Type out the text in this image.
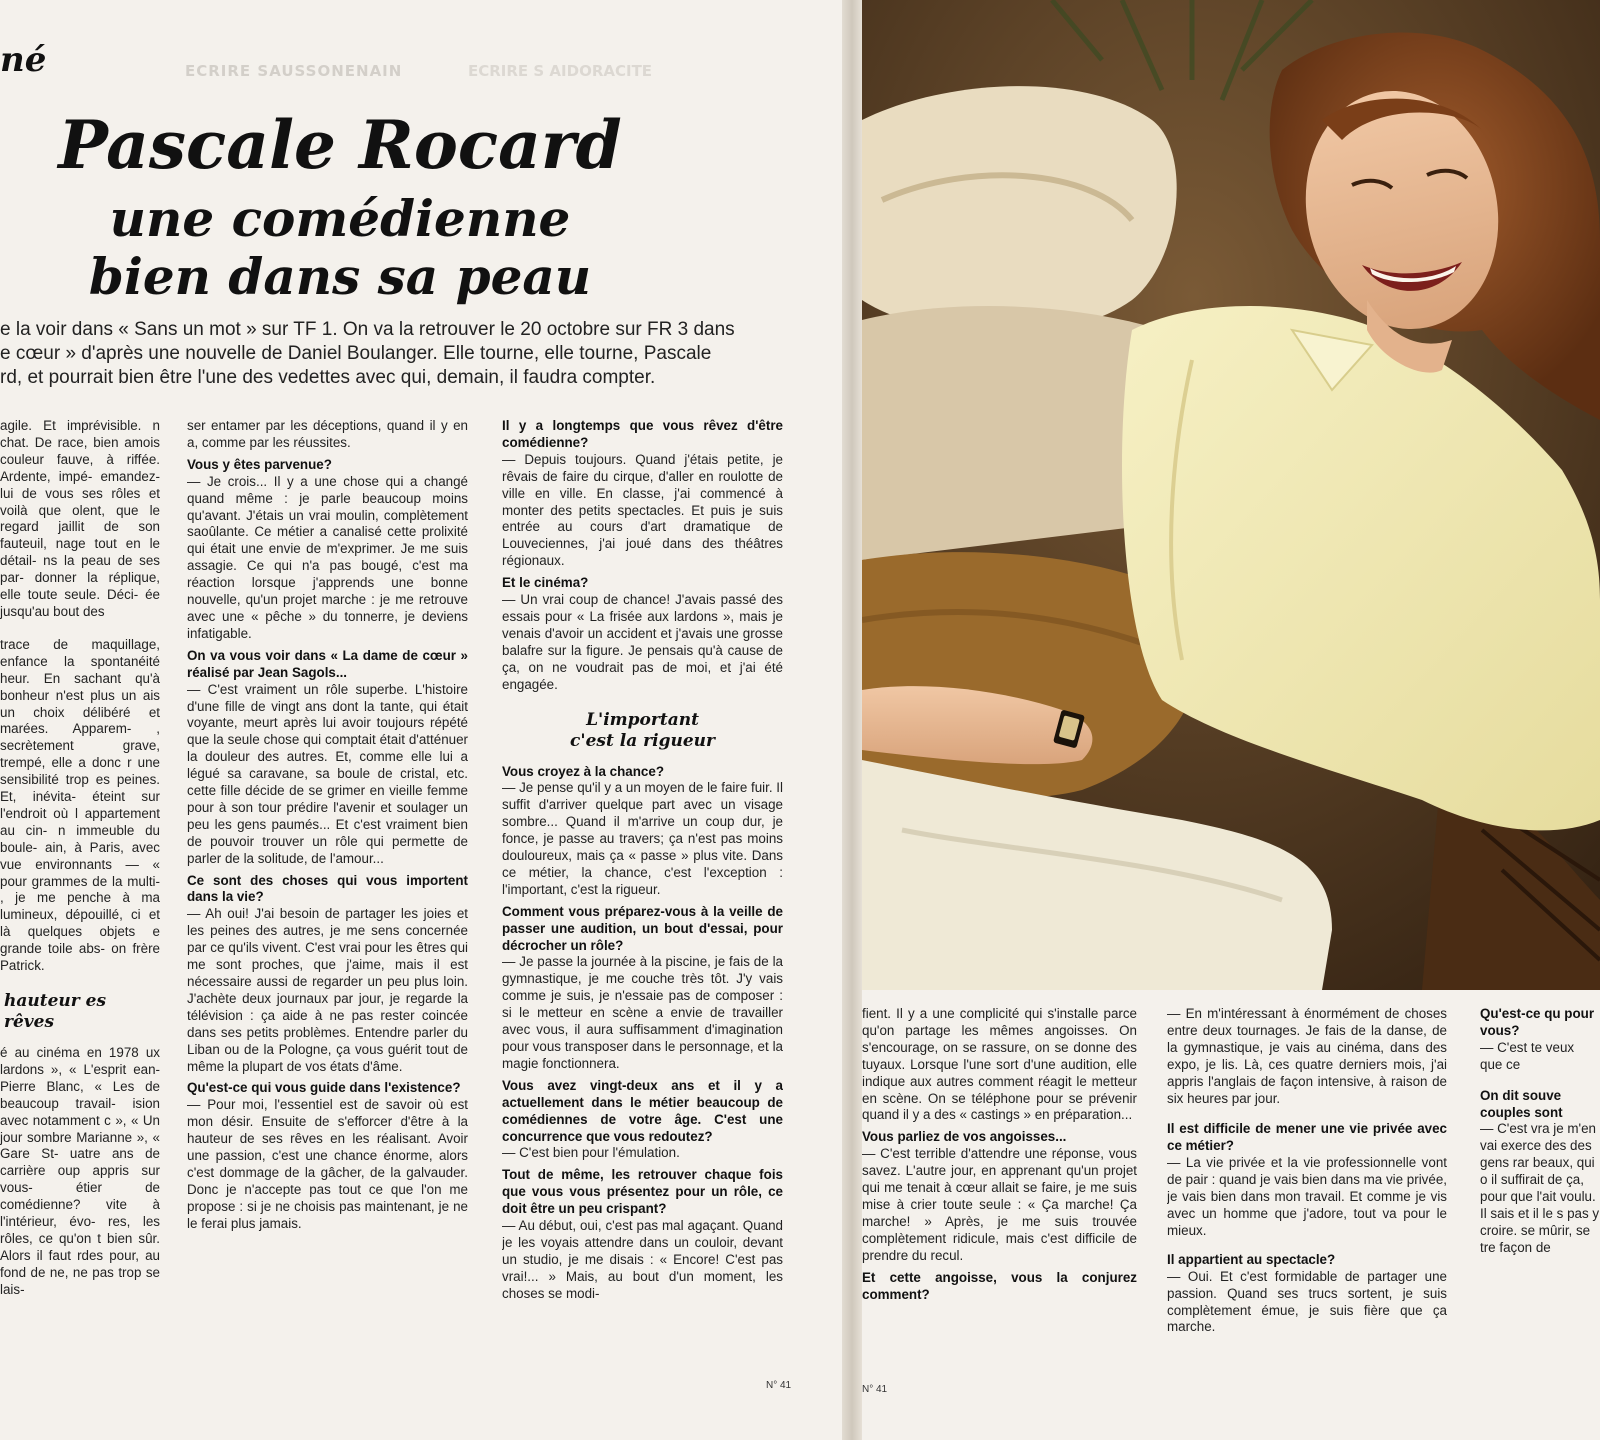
ECRIRE SAUSSONENAIN	ECRIRE S AIDORACITE
né
Pascale Rocard
une comédienne
bien dans sa peau
e la voir dans « Sans un mot » sur TF 1. On va la retrouver le 20 octobre sur FR 3 dans
e cœur » d'après une nouvelle de Daniel Boulanger. Elle tourne, elle tourne, Pascale
rd, et pourrait bien être l'une des vedettes avec qui, demain, il faudra compter.

agile. Et imprévisible. n chat. De race, bien amois couleur fauve, à riffée. Ardente, impé- emandez-lui de vous ses rôles et voilà que olent, que le regard jaillit de son fauteuil, nage tout en le détail- ns la peau de ses par- donner la réplique, elle toute seule. Déci- ée jusqu'au bout des

trace de maquillage, enfance la spontanéité heur. En sachant qu'à bonheur n'est plus un ais un choix délibéré et marées. Apparem- , secrètement grave, trempé, elle a donc r une sensibilité trop es peines. Et, inévita- éteint sur l'endroit où l appartement au cin- n immeuble du boule- ain, à Paris, avec vue environnants — « pour grammes de la multi- , je me penche à ma lumineux, dépouillé, ci et là quelques objets e grande toile abs- on frère Patrick.

hauteur es rêves

é au cinéma en 1978 ux lardons », « L'esprit ean-Pierre Blanc, « Les de beaucoup travail- ision avec notamment c », « Un jour sombre Marianne », « Gare St- uatre ans de carrière oup appris sur vous- étier de comédienne? vite à l'intérieur, évo- res, les rôles, ce qu'on t bien sûr. Alors il faut rdes pour, au fond de ne, ne pas trop se lais-

ser entamer par les déceptions, quand il y en a, comme par les réussites.

Vous y êtes parvenue?

— Je crois... Il y a une chose qui a changé quand même : je parle beaucoup moins qu'avant. J'étais un vrai moulin, complètement saoûlante. Ce métier a canalisé cette prolixité qui était une envie de m'exprimer. Je me suis assagie. Ce qui n'a pas bougé, c'est ma réaction lorsque j'apprends une bonne nouvelle, qu'un projet marche : je me retrouve avec une « pêche » du tonnerre, je deviens infatigable.

On va vous voir dans « La dame de cœur » réalisé par Jean Sagols...

— C'est vraiment un rôle superbe. L'histoire d'une fille de vingt ans dont la tante, qui était voyante, meurt après lui avoir toujours répété que la seule chose qui comptait était d'atténuer la douleur des autres. Et, comme elle lui a légué sa caravane, sa boule de cristal, etc. cette fille décide de se grimer en vieille femme pour à son tour prédire l'avenir et soulager un peu les gens paumés... Et c'est vraiment bien de pouvoir trouver un rôle qui permette de parler de la solitude, de l'amour...

Ce sont des choses qui vous importent dans la vie?

— Ah oui! J'ai besoin de partager les joies et les peines des autres, je me sens concernée par ce qu'ils vivent. C'est vrai pour les êtres qui me sont proches, que j'aime, mais il est nécessaire aussi de regarder un peu plus loin. J'achète deux journaux par jour, je regarde la télévision : ça aide à ne pas rester coincée dans ses petits problèmes. Entendre parler du Liban ou de la Pologne, ça vous guérit tout de même la plupart de vos états d'âme.

Qu'est-ce qui vous guide dans l'existence?

— Pour moi, l'essentiel est de savoir où est mon désir. Ensuite de s'efforcer d'être à la hauteur de ses rêves en les réalisant. Avoir une passion, c'est une chance énorme, alors c'est dommage de la gâcher, de la galvauder. Donc je n'accepte pas tout ce que l'on me propose : si je ne choisis pas maintenant, je ne le ferai plus jamais.

Il y a longtemps que vous rêvez d'être comédienne?

— Depuis toujours. Quand j'étais petite, je rêvais de faire du cirque, d'aller en roulotte de ville en ville. En classe, j'ai commencé à monter des petits spectacles. Et puis je suis entrée au cours d'art dramatique de Louveciennes, j'ai joué dans des théâtres régionaux.

Et le cinéma?

— Un vrai coup de chance! J'avais passé des essais pour « La frisée aux lardons », mais je venais d'avoir un accident et j'avais une grosse balafre sur la figure. Je pensais qu'à cause de ça, on ne voudrait pas de moi, et j'ai été engagée.

L'important
c'est la rigueur

Vous croyez à la chance?

— Je pense qu'il y a un moyen de le faire fuir. Il suffit d'arriver quelque part avec un visage sombre... Quand il m'arrive un coup dur, je fonce, je passe au travers; ça n'est pas moins douloureux, mais ça « passe » plus vite. Dans ce métier, la chance, c'est l'exception : l'important, c'est la rigueur.

Comment vous préparez-vous à la veille de passer une audition, un bout d'essai, pour décrocher un rôle?

— Je passe la journée à la piscine, je fais de la gymnastique, je me couche très tôt. J'y vais comme je suis, je n'essaie pas de composer : si le metteur en scène a envie de travailler avec vous, il aura suffisamment d'imagination pour vous transposer dans le personnage, et la magie fonctionnera.

Vous avez vingt-deux ans et il y a actuellement dans le métier beaucoup de comédiennes de votre âge. C'est une concurrence que vous redoutez?

— C'est bien pour l'émulation.

Tout de même, les retrouver chaque fois que vous vous présentez pour un rôle, ce doit être un peu crispant?

— Au début, oui, c'est pas mal agaçant. Quand je les voyais attendre dans un couloir, devant un studio, je me disais : « Encore! C'est pas vrai!... » Mais, au bout d'un moment, les choses se modi-

N° 41

fient. Il y a une complicité qui s'installe parce qu'on partage les mêmes angoisses. On s'encourage, on se rassure, on se donne des tuyaux. Lorsque l'une sort d'une audition, elle indique aux autres comment réagit le metteur en scène. On se téléphone pour se prévenir quand il y a des « castings » en préparation...

Vous parliez de vos angoisses...

— C'est terrible d'attendre une réponse, vous savez. L'autre jour, en apprenant qu'un projet qui me tenait à cœur allait se faire, je me suis mise à crier toute seule : « Ça marche! Ça marche! » Après, je me suis trouvée complètement ridicule, mais c'est difficile de prendre du recul.

Et cette angoisse, vous la conjurez comment?

— En m'intéressant à énormément de choses entre deux tournages. Je fais de la danse, de la gymnastique, je vais au cinéma, dans des expo, je lis. Là, ces quatre derniers mois, j'ai appris l'anglais de façon intensive, à raison de six heures par jour.

Il est difficile de mener une vie privée avec ce métier?

— La vie privée et la vie professionnelle vont de pair : quand je vais bien dans ma vie privée, je vais bien dans mon travail. Et comme je vis avec un homme que j'adore, tout va pour le mieux.

Il appartient au spectacle?

— Oui. Et c'est formidable de partager une passion. Quand ses trucs sortent, je suis complètement émue, je suis fière que ça marche.

Qu'est-ce qu pour vous?

— C'est te veux que ce

On dit souve couples sont

— C'est vra je m'en vai exerce des des gens rar beaux, qui o il suffirait de ça, pour que l'ait voulu. Il sais et il le s pas y croire. se mûrir, se tre façon de

N° 41
